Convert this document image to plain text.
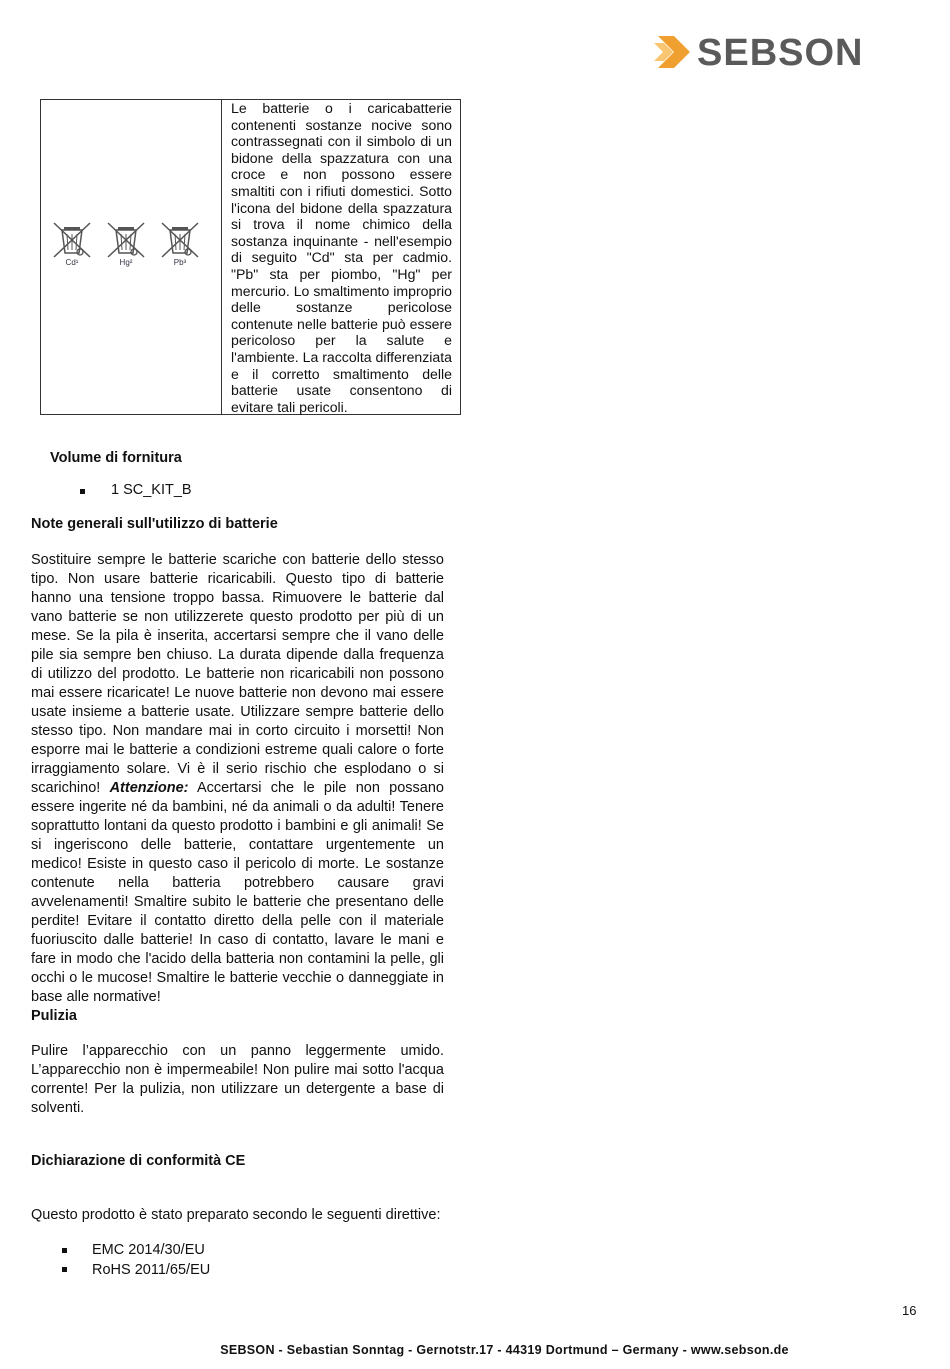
SEBSON
Cd¹	Hg²	Pb³
Le batterie o i caricabatterie contenenti sostanze nocive sono contrassegnati con il simbolo di un bidone della spazzatura con una croce e non possono essere smaltiti con i rifiuti domestici. Sotto l'icona del bidone della spazzatura si trova il nome chimico della sostanza inquinante - nell'esempio di seguito "Cd" sta per cadmio. "Pb" sta per piombo, "Hg" per mercurio. Lo smaltimento improprio delle sostanze pericolose contenute nelle batterie può essere pericoloso per la salute e l'ambiente. La raccolta differenziata e il corretto smaltimento delle batterie usate consentono di evitare tali pericoli.
Volume di fornitura
1 SC_KIT_B
Note generali sull'utilizzo di batterie

Sostituire sempre le batterie scariche con batterie dello stesso tipo. Non usare batterie ricaricabili. Questo tipo di batterie hanno una tensione troppo bassa. Rimuovere le batterie dal vano batterie se non utilizzerete questo prodotto per più di un mese. Se la pila è inserita, accertarsi sempre che il vano delle pile sia sempre ben chiuso. La durata dipende dalla frequenza di utilizzo del prodotto. Le batterie non ricaricabili non possono mai essere ricaricate! Le nuove batterie non devono mai essere usate insieme a batterie usate. Utilizzare sempre batterie dello stesso tipo. Non mandare mai in corto circuito i morsetti! Non esporre mai le batterie a condizioni estreme quali calore o forte irraggiamento solare. Vi è il serio rischio che esplodano o si scarichino! Attenzione: Accertarsi che le pile non possano essere ingerite né da bambini, né da animali o da adulti! Tenere soprattutto lontani da questo prodotto i bambini e gli animali! Se si ingeriscono delle batterie, contattare urgentemente un medico! Esiste in questo caso il pericolo di morte. Le sostanze contenute nella batteria potrebbero causare gravi avvelenamenti! Smaltire subito le batterie che presentano delle perdite! Evitare il contatto diretto della pelle con il materiale fuoriuscito dalle batterie! In caso di contatto, lavare le mani e fare in modo che l'acido della batteria non contamini la pelle, gli occhi o le mucose! Smaltire le batterie vecchie o danneggiate in base alle normative!

Pulizia

Pulire l’apparecchio con un panno leggermente umido. L’apparecchio non è impermeabile! Non pulire mai sotto l'acqua corrente! Per la pulizia, non utilizzare un detergente a base di solventi.

Dichiarazione di conformità CE
Questo prodotto è stato preparato secondo le seguenti direttive:
EMC 2014/30/EU
RoHS 2011/65/EU
16
SEBSON - Sebastian Sonntag - Gernotstr.17 - 44319 Dortmund – Germany - www.sebson.de
